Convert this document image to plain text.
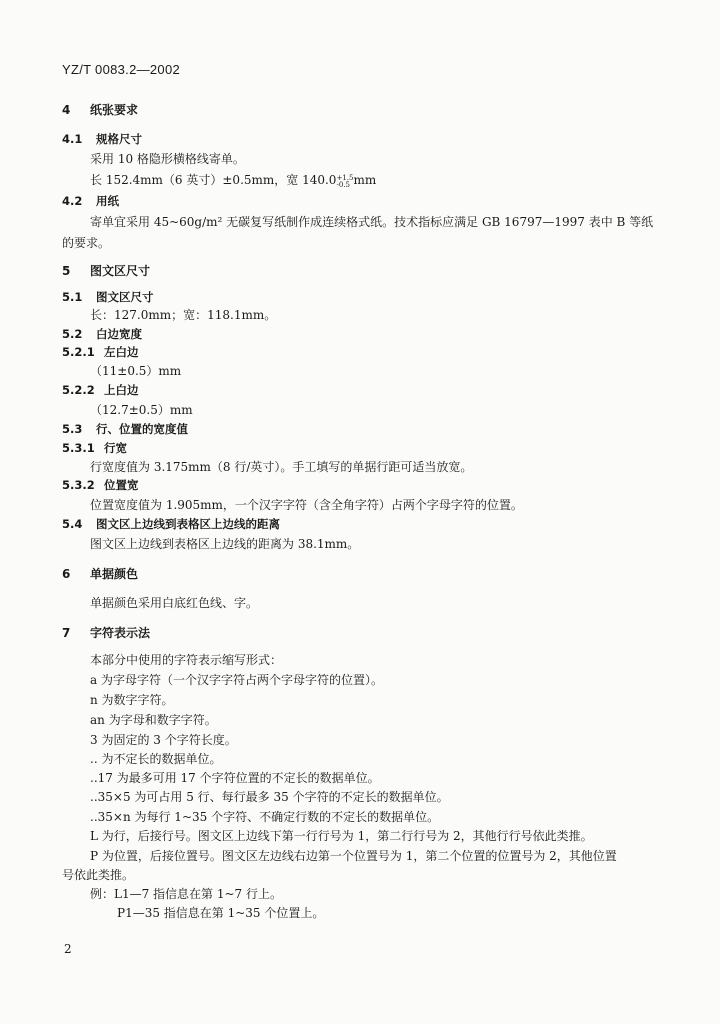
YZ/T 0083.2—2002
4 纸张要求
4.1 规格尺寸
采用 10 格隐形横格线寄单。
长 152.4mm（6 英寸）±0.5mm，宽 140.0 $^{+1.5 -0.5}$ mm
4.2 用纸
寄单宜采用 45~60g/m² 无碳复写纸制作成连续格式纸。技术指标应满足 GB 16797—1997 表中 B 等纸
的要求。
5 图文区尺寸
5.1 图文区尺寸
长：127.0mm；宽：118.1mm。
5.2 白边宽度
5.2.1 左白边
（11±0.5）mm
5.2.2 上白边
（12.7±0.5）mm
5.3 行、位置的宽度值
5.3.1 行宽
行宽度值为 3.175mm（8 行/英寸）。手工填写的单据行距可适当放宽。
5.3.2 位置宽
位置宽度值为 1.905mm，一个汉字字符（含全角字符）占两个字母字符的位置。
5.4 图文区上边线到表格区上边线的距离
图文区上边线到表格区上边线的距离为 38.1mm。
6 单据颜色
单据颜色采用白底红色线、字。
7 字符表示法
本部分中使用的字符表示缩写形式：
a 为字母字符（一个汉字字符占两个字母字符的位置）。
n 为数字字符。
an 为字母和数字字符。
3 为固定的 3 个字符长度。
.. 为不定长的数据单位。
..17 为最多可用 17 个字符位置的不定长的数据单位。
..35×5 为可占用 5 行、每行最多 35 个字符的不定长的数据单位。
..35×n 为每行 1~35 个字符、不确定行数的不定长的数据单位。
L 为行，后接行号。图文区上边线下第一行行号为 1，第二行行号为 2，其他行行号依此类推。
P 为位置，后接位置号。图文区左边线右边第一个位置号为 1，第二个位置的位置号为 2，其他位置
号依此类推。
例：L1—7 指信息在第 1~7 行上。
P1—35 指信息在第 1~35 个位置上。
2
